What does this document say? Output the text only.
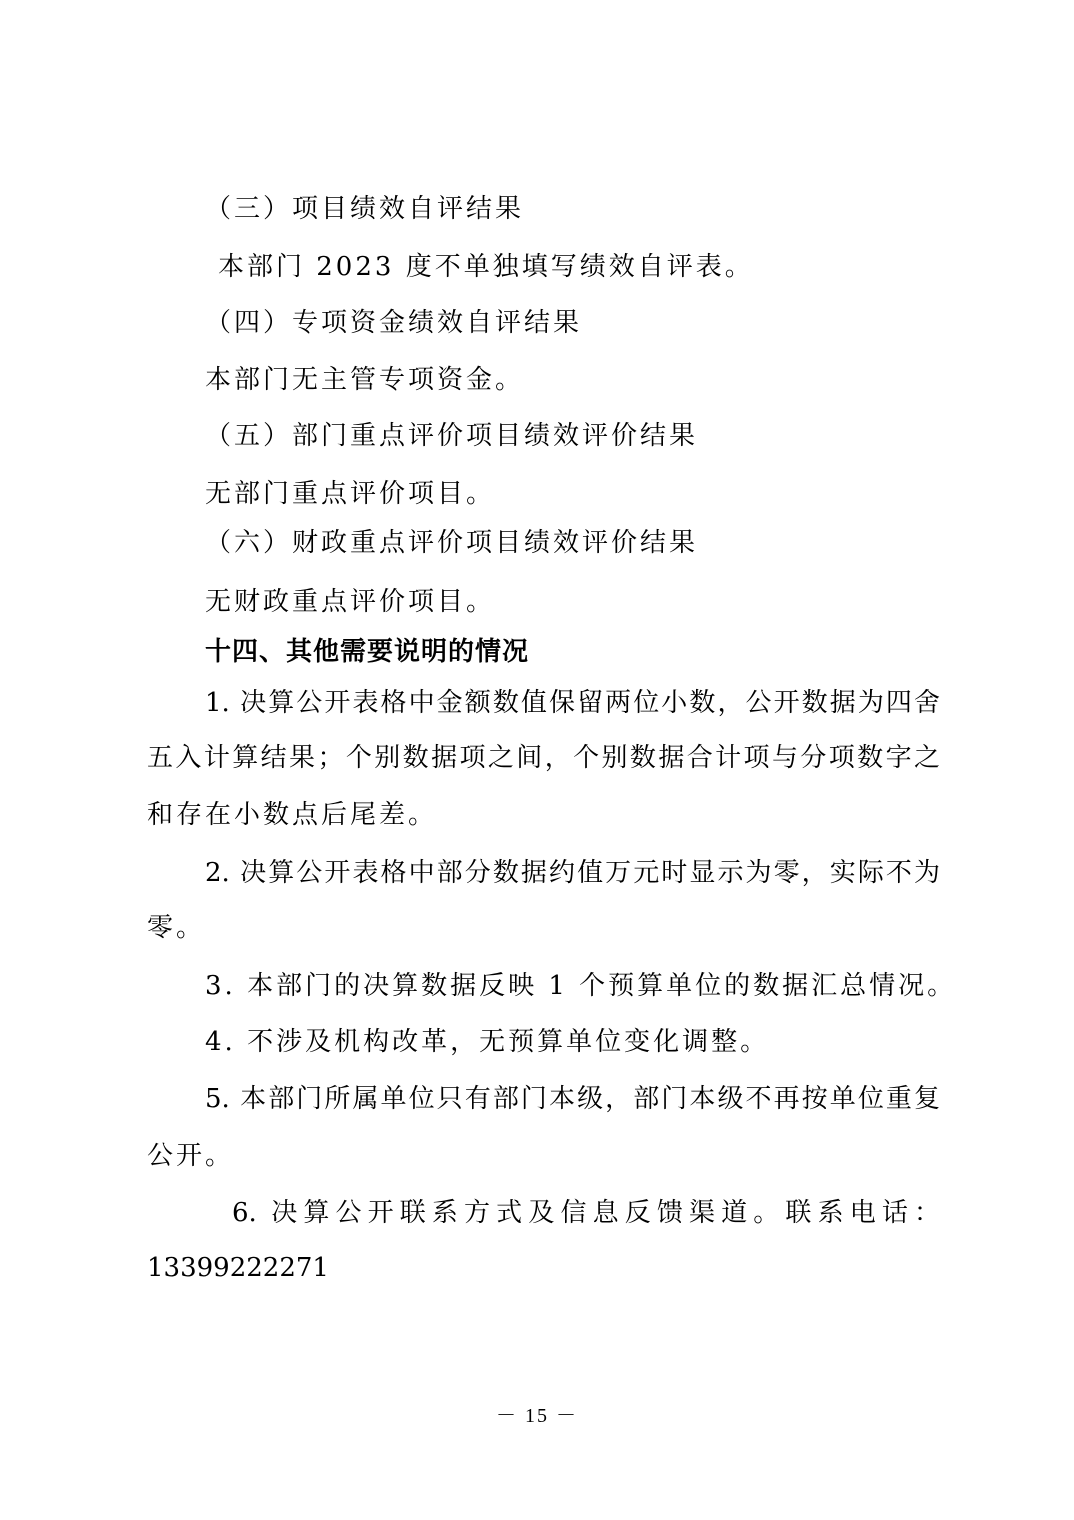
（三）项目绩效自评结果
本部门 2023 度不单独填写绩效自评表。
（四）专项资金绩效自评结果
本部门无主管专项资金。
（五）部门重点评价项目绩效评价结果
无部门重点评价项目。
（六）财政重点评价项目绩效评价结果
无财政重点评价项目。
十四、其他需要说明的情况
1. 决算公开表格中金额数值保留两位小数，公开数据为四舍
五入计算结果；个别数据项之间，个别数据合计项与分项数字之
和存在小数点后尾差。
2. 决算公开表格中部分数据约值万元时显示为零，实际不为
零。
3. 本部门的决算数据反映 1 个预算单位的数据汇总情况。
4. 不涉及机构改革，无预算单位变化调整。
5. 本部门所属单位只有部门本级，部门本级不再按单位重复
公开。
6. 决算公开联系方式及信息反馈渠道。联系电话：
13399222271
－ 15 －
